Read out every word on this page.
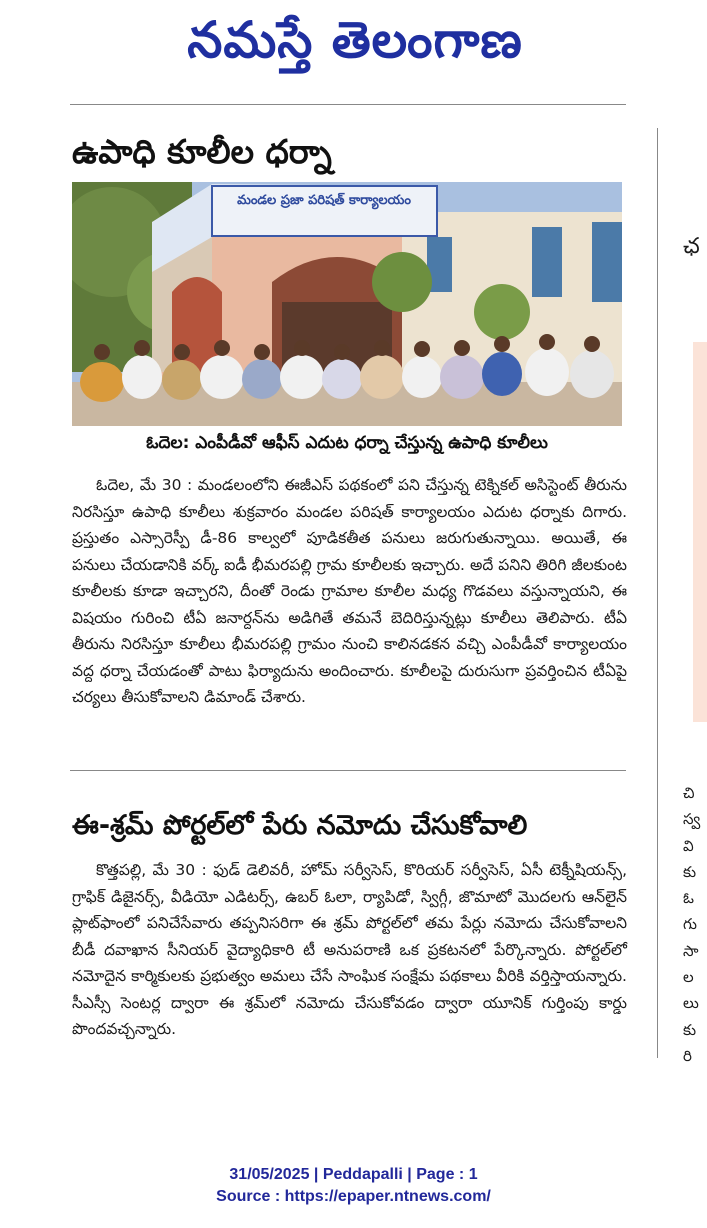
నమస్తే తెలంగాణ
ఉపాధి కూలీల ధర్నా
మండల ప్రజా పరిషత్ కార్యాలయం
ఓదెల: ఎంపీడీవో ఆఫీస్ ఎదుట ధర్నా చేస్తున్న ఉపాధి కూలీలు
ఓదెల, మే 30 : మండలంలోని ఈజీఎస్ పథకంలో పని చేస్తున్న టెక్నికల్ అసిస్టెంట్ తీరును నిరసిస్తూ ఉపాధి కూలీలు శుక్రవారం మండల పరిషత్ కార్యాలయం ఎదుట ధర్నాకు దిగారు. ప్రస్తుతం ఎస్సారెస్పీ డీ-86 కాల్వలో పూడికతీత పనులు జరుగుతున్నాయి. అయితే, ఈ పనులు చేయడానికి వర్క్ ఐడీ భీమరపల్లి గ్రామ కూలీలకు ఇచ్చారు. అదే పనిని తిరిగి జీలకుంట కూలీలకు కూడా ఇచ్చారని, దీంతో రెండు గ్రామాల కూలీల మధ్య గొడవలు వస్తున్నాయని, ఈ విషయం గురించి టీఏ జనార్దన్‌ను అడిగితే తమనే బెదిరిస్తున్నట్లు కూలీలు తెలిపారు. టీఏ తీరును నిరసిస్తూ కూలీలు భీమరపల్లి గ్రామం నుంచి కాలినడకన వచ్చి ఎంపీడీవో కార్యాలయం వద్ద ధర్నా చేయడంతో పాటు ఫిర్యాదును అందించారు. కూలీలపై దురుసుగా ప్రవర్తించిన టీఏపై చర్యలు తీసుకోవాలని డిమాండ్ చేశారు.
ఈ-శ్రమ్ పోర్టల్‌లో పేరు నమోదు చేసుకోవాలి
కొత్తపల్లి, మే 30 : ఫుడ్ డెలివరీ, హోమ్ సర్వీసెస్, కొరియర్ సర్వీసెస్, ఏసీ టెక్నీషియన్స్, గ్రాఫిక్ డిజైనర్స్, వీడియో ఎడిటర్స్, ఉబర్ ఓలా, ర్యాపిడో, స్విగ్గీ, జొమాటో మొదలగు ఆన్‌లైన్ ప్లాట్‌ఫాంలో పనిచేసేవారు తప్పనిసరిగా ఈ శ్రమ్ పోర్టల్‌లో తమ పేర్లు నమోదు చేసుకోవాలని బీడీ దవాఖాన సీనియర్ వైద్యాధికారి టీ అనుపరాణి ఒక ప్రకటనలో పేర్కొన్నారు. పోర్టల్‌లో నమోదైన కార్మికులకు ప్రభుత్వం అమలు చేసే సాంఘిక సంక్షేమ పథకాలు వీరికి వర్తిస్తాయన్నారు. సీఎస్సీ సెంటర్ల ద్వారా ఈ శ్రమ్‌లో నమోదు చేసుకోవడం ద్వారా యూనిక్ గుర్తింపు కార్డు పొందవచ్చన్నారు.
ఛ
చి
స్వ
వి
కు
ఓ
గు
సా
ల
లు
కు
రి
31/05/2025 | Peddapalli | Page : 1
Source : https://epaper.ntnews.com/
